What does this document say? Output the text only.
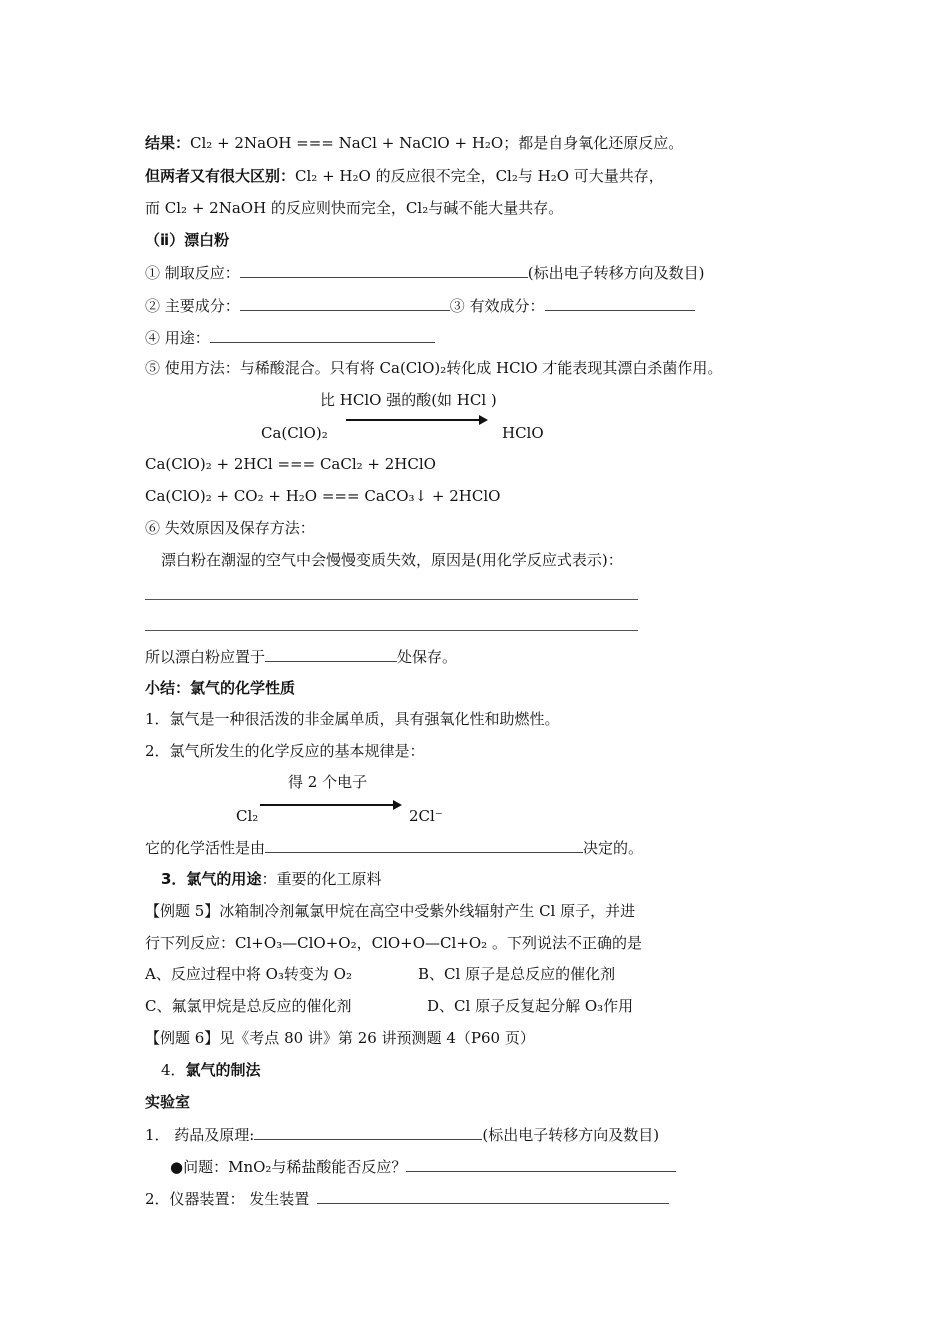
结果：Cl₂ + 2NaOH === NaCl + NaClO + H₂O；都是自身氧化还原反应。
但两者又有很大区别：Cl₂ + H₂O 的反应很不完全，Cl₂与 H₂O 可大量共存，
而 Cl₂ + 2NaOH 的反应则快而完全，Cl₂与碱不能大量共存。
（ⅱ）漂白粉
① 制取反应：	(标出电子转移方向及数目)
② 主要成分：	③ 有效成分：
④ 用途：
⑤ 使用方法：与稀酸混合。只有将 Ca(ClO)₂转化成 HClO 才能表现其漂白杀菌作用。
比 HClO 强的酸(如 HCl )
Ca(ClO)₂	HClO
Ca(ClO)₂ + 2HCl === CaCl₂ + 2HClO
Ca(ClO)₂ + CO₂ + H₂O === CaCO₃↓ + 2HClO
⑥ 失效原因及保存方法：
漂白粉在潮湿的空气中会慢慢变质失效，原因是(用化学反应式表示)：
所以漂白粉应置于	处保存。
小结：氯气的化学性质
1．氯气是一种很活泼的非金属单质，具有强氧化性和助燃性。
2．氯气所发生的化学反应的基本规律是：
得 2 个电子
Cl₂	2Cl⁻
它的化学活性是由	决定的。
3．氯气的用途：重要的化工原料
【例题 5】冰箱制冷剂氟氯甲烷在高空中受紫外线辐射产生 Cl 原子，并进
行下列反应：Cl+O₃—ClO+O₂，ClO+O—Cl+O₂ 。下列说法不正确的是
A、反应过程中将 O₃转变为 O₂	B、Cl 原子是总反应的催化剂
C、氟氯甲烷是总反应的催化剂	D、Cl 原子反复起分解 O₃作用
【例题 6】见《考点 80 讲》第 26 讲预测题 4（P60 页）
4．氯气的制法
实验室
1． 药品及原理:	(标出电子转移方向及数目)
●问题：MnO₂与稀盐酸能否反应？
2．仪器装置： 发生装置
